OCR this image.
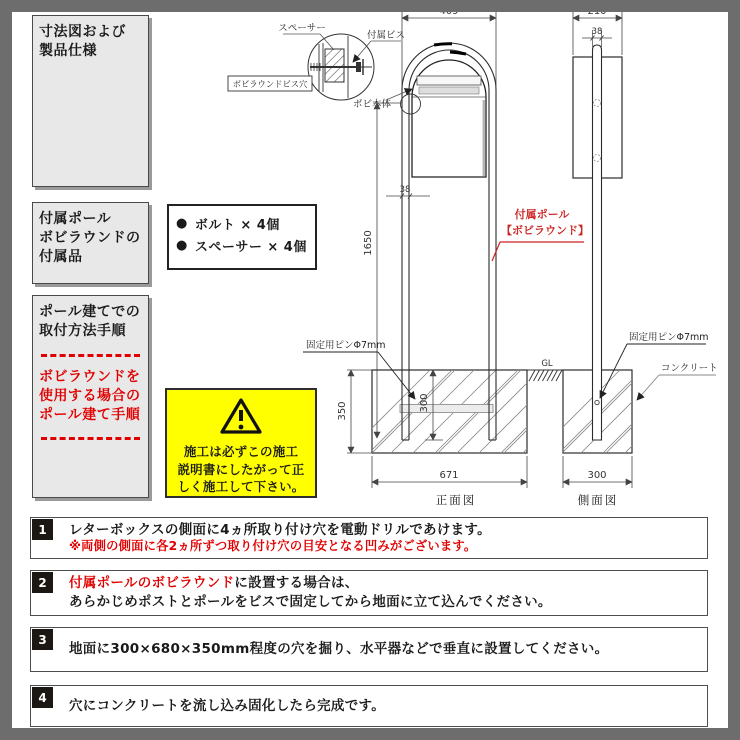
スペーサー
付属ビス
ボビラウンドビス穴
ボビ本体
409
38
1650
350	300
671
GL
正面図
210
38
300
側面図
固定用ピンΦ7mm
固定用ピンΦ7mm
コンクリート
付属ポール
【ボビラウンド】
寸法図および
製品仕様
付属ポール
ボビラウンドの
付属品
ポール建てでの
取付方法手順
ボビラウンドを
使用する場合の
ポール建て手順
● ボルト × 4個
● スペーサー × 4個
施工は必ずこの施工
説明書にしたがって正
しく施工して下さい。
1	レターボックスの側面に4ヵ所取り付け穴を電動ドリルであけます。
※両側の側面に各2ヵ所ずつ取り付け穴の目安となる凹みがございます。
2	付属ポールのボビラウンドに設置する場合は、
あらかじめポストとポールをビスで固定してから地面に立て込んでください。
3
地面に300×680×350mm程度の穴を掘り、水平器などで垂直に設置してください。
4
穴にコンクリートを流し込み固化したら完成です。
